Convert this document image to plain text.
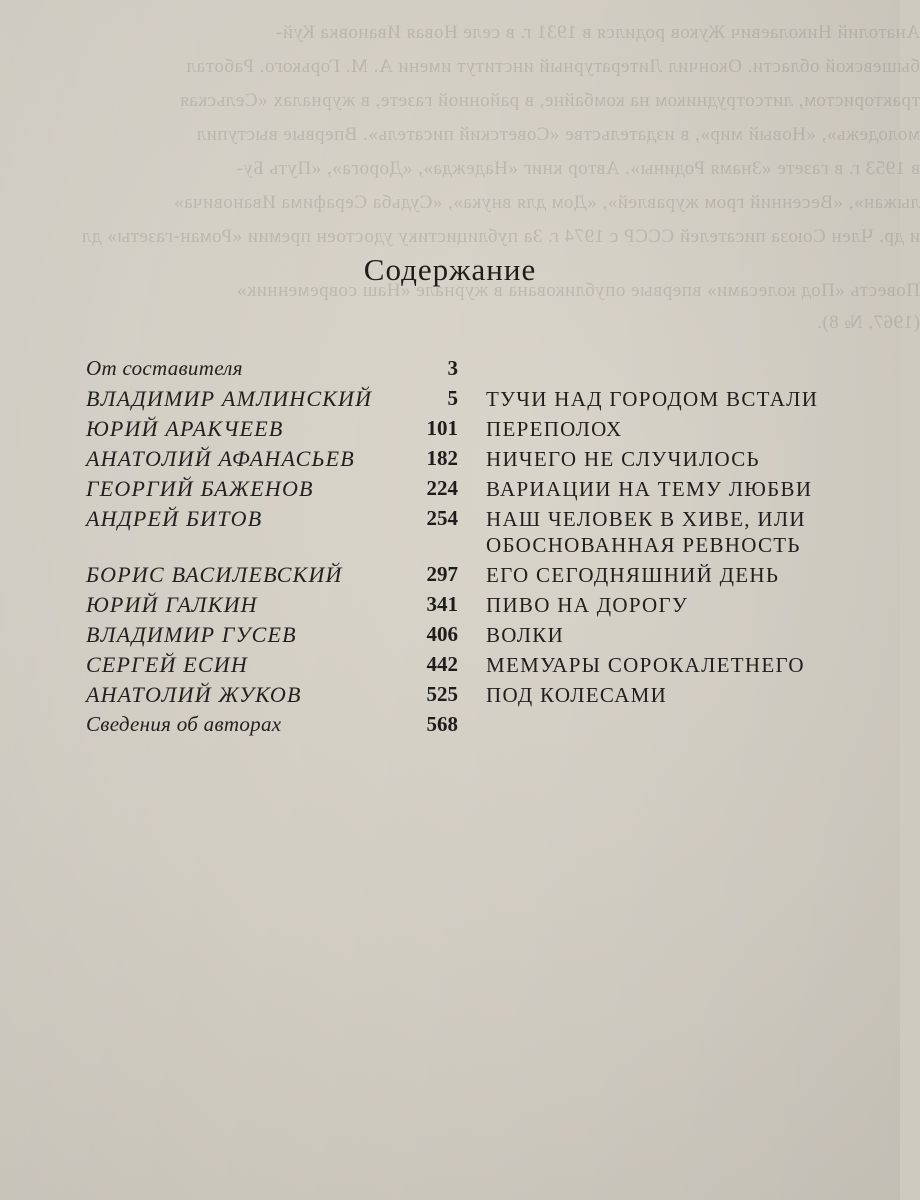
Анатолий Николаевич Жуков родился в 1931 г. в селе Новая Ивановка Куй-
бышевской области. Окончил Литературный институт имени А. М. Горького. Работал
трактористом, литсотрудником на комбайне, в районной газете, в журналах «Сельская
молодежь», «Новый мир», в издательстве «Советский писатель». Впервые выступил
в 1953 г. в газете «Знамя Родины». Автор книг «Надежда», «Дорога», «Путь Бу-
лыжан», «Весенний гром журавлей», «Дом для внука», «Судьба Серафима Ивановича»
и др. Член Союза писателей СССР с 1974 г. За публицистику удостоен премии «Роман-газеты» дл
Повесть «Под колесами» впервые опубликована в журнале «Наш современник»
(1967, № 8).
Содержание
От составителя	3
ВЛАДИМИР АМЛИНСКИЙ	5 ТУЧИ НАД ГОРОДОМ ВСТАЛИ
ЮРИЙ АРАКЧЕЕВ	101 ПЕРЕПОЛОХ
АНАТОЛИЙ АФАНАСЬЕВ	182 НИЧЕГО НЕ СЛУЧИЛОСЬ
ГЕОРГИЙ БАЖЕНОВ	224 ВАРИАЦИИ НА ТЕМУ ЛЮБВИ
АНДРЕЙ БИТОВ	254 НАШ ЧЕЛОВЕК В ХИВЕ, ИЛИ ОБОСНОВАННАЯ РЕВНОСТЬ
БОРИС ВАСИЛЕВСКИЙ	297 ЕГО СЕГОДНЯШНИЙ ДЕНЬ
ЮРИЙ ГАЛКИН	341 ПИВО НА ДОРОГУ
ВЛАДИМИР ГУСЕВ	406 ВОЛКИ
СЕРГЕЙ ЕСИН	442 МЕМУАРЫ СОРОКАЛЕТНЕГО
АНАТОЛИЙ ЖУКОВ	525 ПОД КОЛЕСАМИ
Сведения об авторах	568
